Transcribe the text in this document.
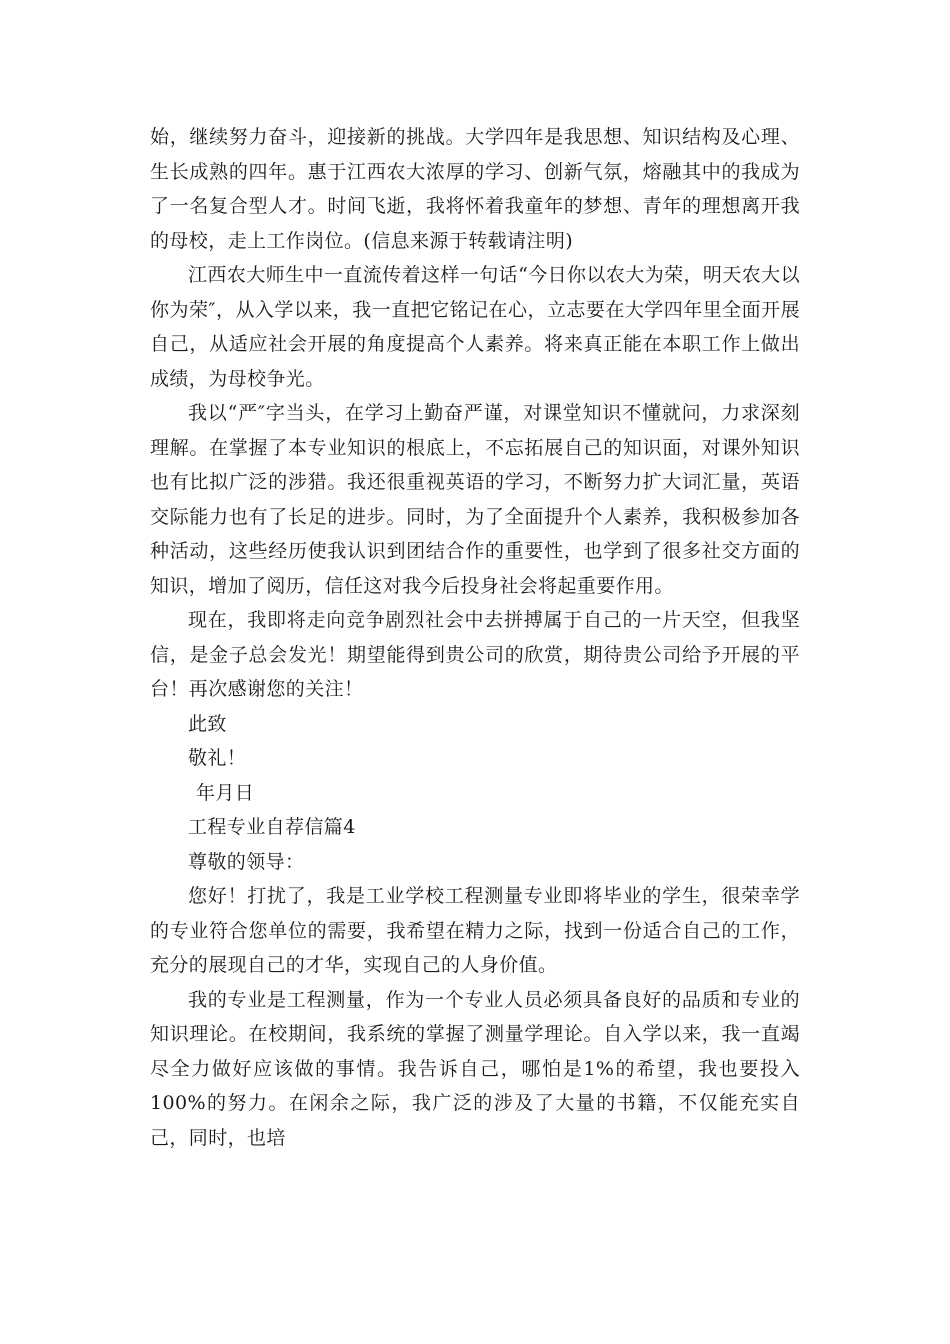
始，继续努力奋斗，迎接新的挑战。大学四年是我思想、知识结构及心理、生长成熟的四年。惠于江西农大浓厚的学习、创新气氛，熔融其中的我成为了一名复合型人才。时间飞逝，我将怀着我童年的梦想、青年的理想离开我的母校，走上工作岗位。(信息来源于转载请注明)

江西农大师生中一直流传着这样一句话“今日你以农大为荣，明天农大以你为荣″，从入学以来，我一直把它铭记在心，立志要在大学四年里全面开展自己，从适应社会开展的角度提高个人素养。将来真正能在本职工作上做出成绩，为母校争光。

我以“严″字当头，在学习上勤奋严谨，对课堂知识不懂就问，力求深刻理解。在掌握了本专业知识的根底上，不忘拓展自己的知识面，对课外知识也有比拟广泛的涉猎。我还很重视英语的学习，不断努力扩大词汇量，英语交际能力也有了长足的进步。同时，为了全面提升个人素养，我积极参加各种活动，这些经历使我认识到团结合作的重要性，也学到了很多社交方面的知识，增加了阅历，信任这对我今后投身社会将起重要作用。

现在，我即将走向竞争剧烈社会中去拼搏属于自己的一片天空，但我坚信，是金子总会发光！期望能得到贵公司的欣赏，期待贵公司给予开展的平台！再次感谢您的关注！

此致

敬礼！

年月日

工程专业自荐信篇4

尊敬的领导：

您好！打扰了，我是工业学校工程测量专业即将毕业的学生，很荣幸学的专业符合您单位的需要，我希望在精力之际，找到一份适合自己的工作，充分的展现自己的才华，实现自己的人身价值。

我的专业是工程测量，作为一个专业人员必须具备良好的品质和专业的知识理论。在校期间，我系统的掌握了测量学理论。自入学以来，我一直竭尽全力做好应该做的事情。我告诉自己，哪怕是1%的希望，我也要投入100%的努力。在闲余之际，我广泛的涉及了大量的书籍，不仅能充实自己，同时，也培
